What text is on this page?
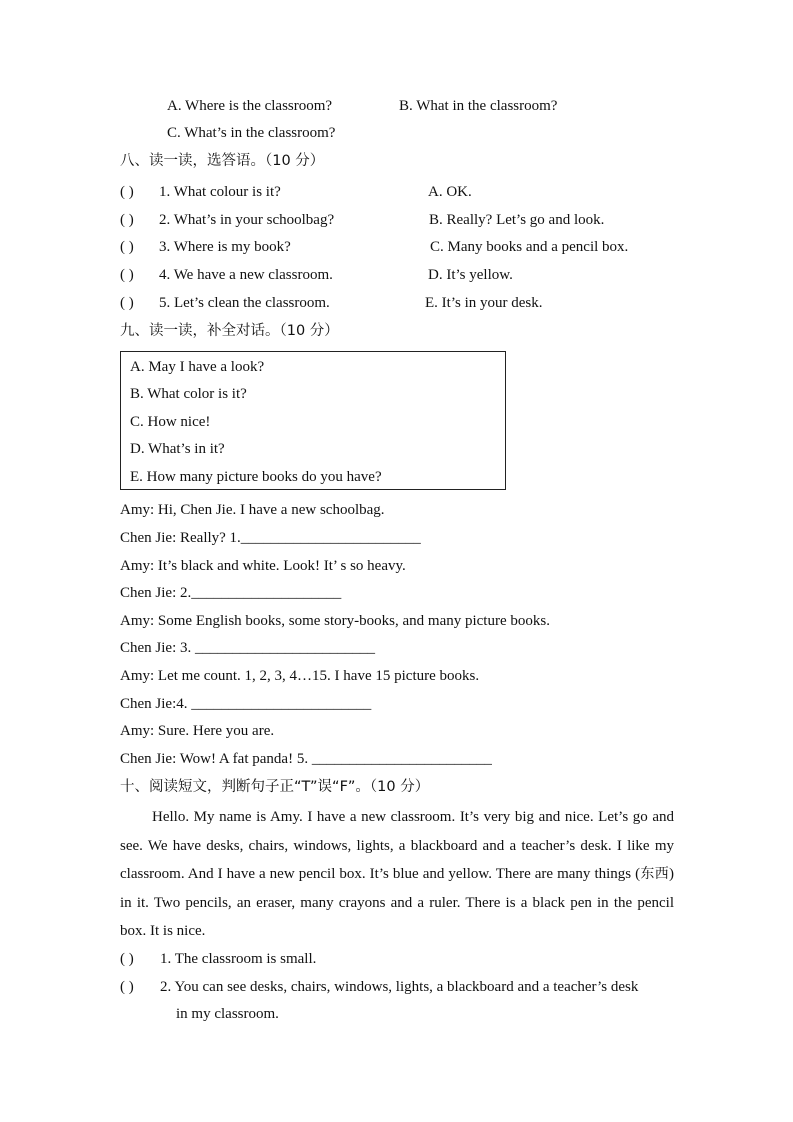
A. Where is the classroom?	B. What in the classroom?

C. What’s in the classroom?

八、读一读，选答语。（10 分）

( ) 1. What colour is it?	A. OK.

( ) 2. What’s in your schoolbag?	B. Really? Let’s go and look.

( ) 3. Where is my book?	C. Many books and a pencil box.

( ) 4. We have a new classroom.	D. It’s yellow.

( ) 5. Let’s clean the classroom.	E. It’s in your desk.

九、读一读，补全对话。（10 分）

A. May I have a look?

B. What color is it?

C. How nice!

D. What’s in it?

E. How many picture books do you have?

Amy: Hi, Chen Jie. I have a new schoolbag.

Chen Jie: Really? 1.________________________

Amy: It’s black and white. Look! It’ s so heavy.

Chen Jie: 2.____________________

Amy: Some English books, some story-books, and many picture books.

Chen Jie: 3. ________________________

Amy: Let me count. 1, 2, 3, 4…15. I have 15 picture books.

Chen Jie:4. ________________________

Amy: Sure. Here you are.

Chen Jie: Wow! A fat panda! 5. ________________________

十、阅读短文，判断句子正“T”误“F”。（10 分）

Hello. My name is Amy. I have a new classroom. It’s very big and nice. Let’s go and see. We have desks, chairs, windows, lights, a blackboard and a teacher’s desk. I like my classroom. And I have a new pencil box. It’s blue and yellow. There are many things (东西) in it. Two pencils, an eraser, many crayons and a ruler. There is a black pen in the pencil box. It is nice.

( ) 1. The classroom is small.

( ) 2. You can see desks, chairs, windows, lights, a blackboard and a teacher’s desk

in my classroom.
